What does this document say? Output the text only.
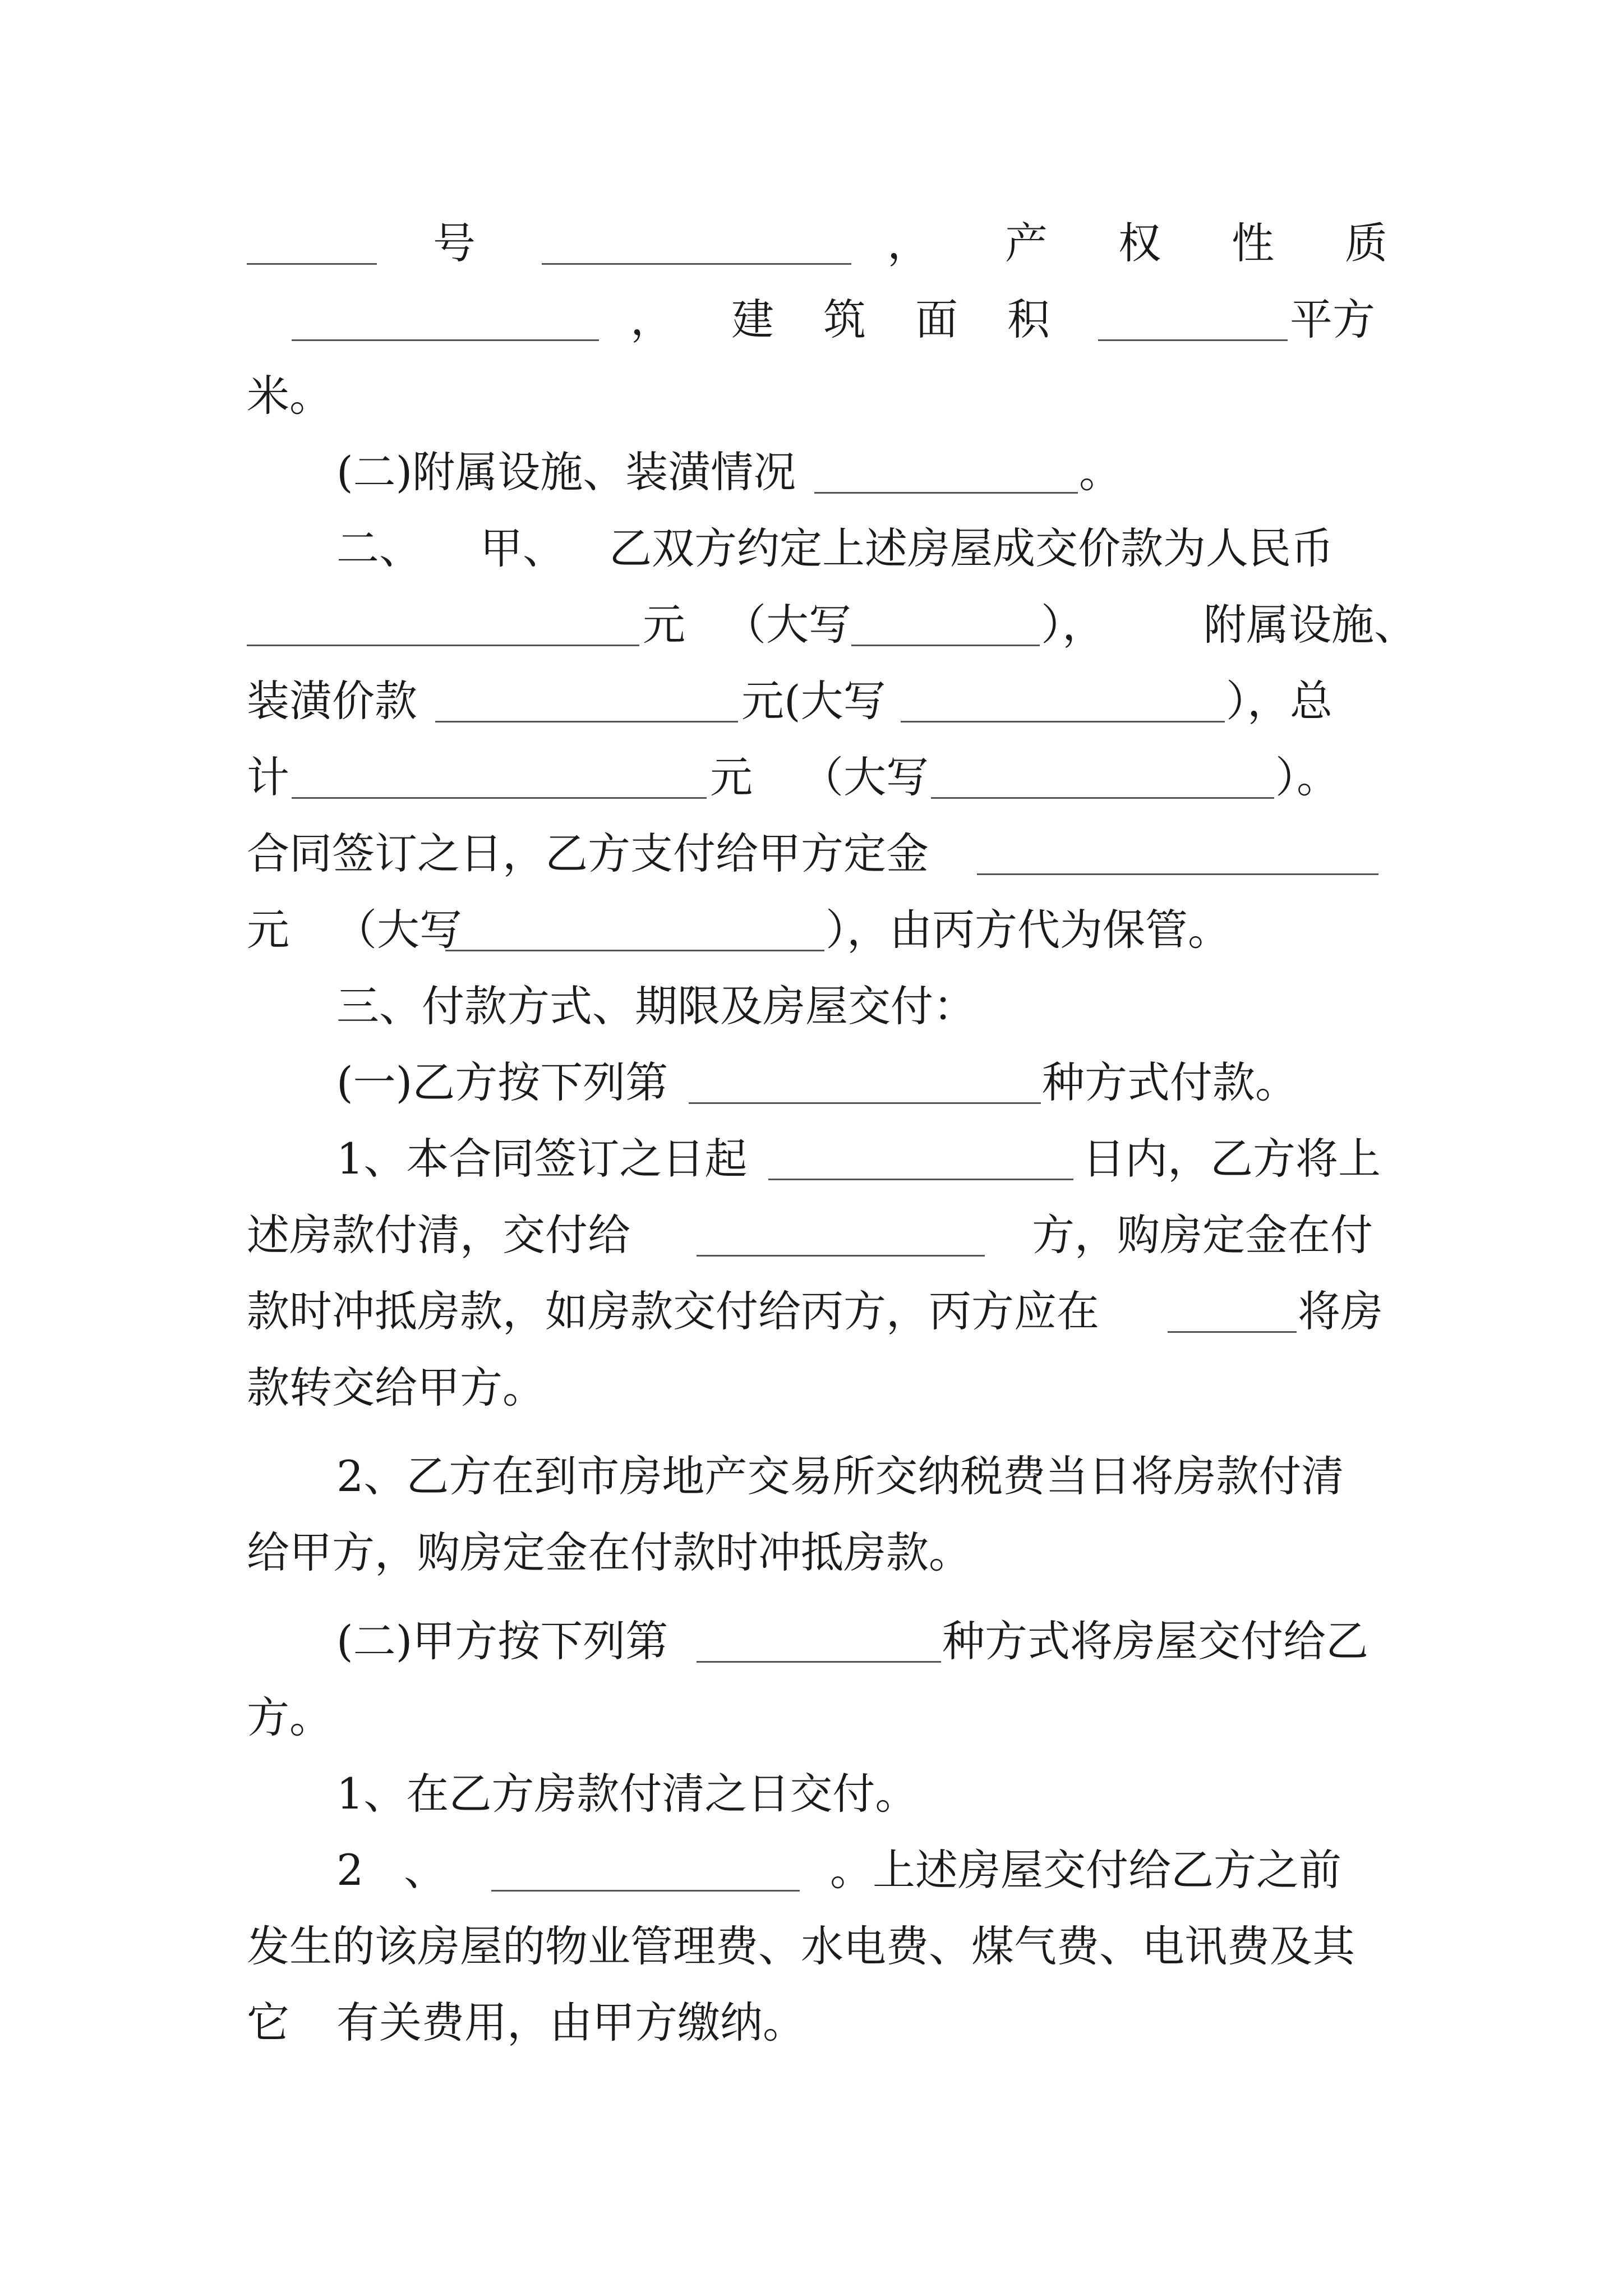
号	， 产 权 性 质
， 建 筑 面 积	平方
米。
(二)附属设施、装潢情况	。
二、 甲、 乙双方约定上述房屋成交价款为人民币
元 （大写	）， 附属设施、
装潢价款	元(大写	），总
计	元 （大写	）。
合同签订之日，乙方支付给甲方定金
元 （大写	），由丙方代为保管。
三、付款方式、期限及房屋交付：
(一)乙方按下列第	种方式付款。
1、本合同签订之日起	日内，乙方将上
述房款付清，交付给	方，购房定金在付
款时冲抵房款，如房款交付给丙方，丙方应在	将房
款转交给甲方。
2、乙方在到市房地产交易所交纳税费当日将房款付清
给甲方，购房定金在付款时冲抵房款。
(二)甲方按下列第	种方式将房屋交付给乙
方。
1、在乙方房款付清之日交付。
2 、	。上述房屋交付给乙方之前
发生的该房屋的物业管理费、水电费、煤气费、电讯费及其
它 有关费用，由甲方缴纳。
